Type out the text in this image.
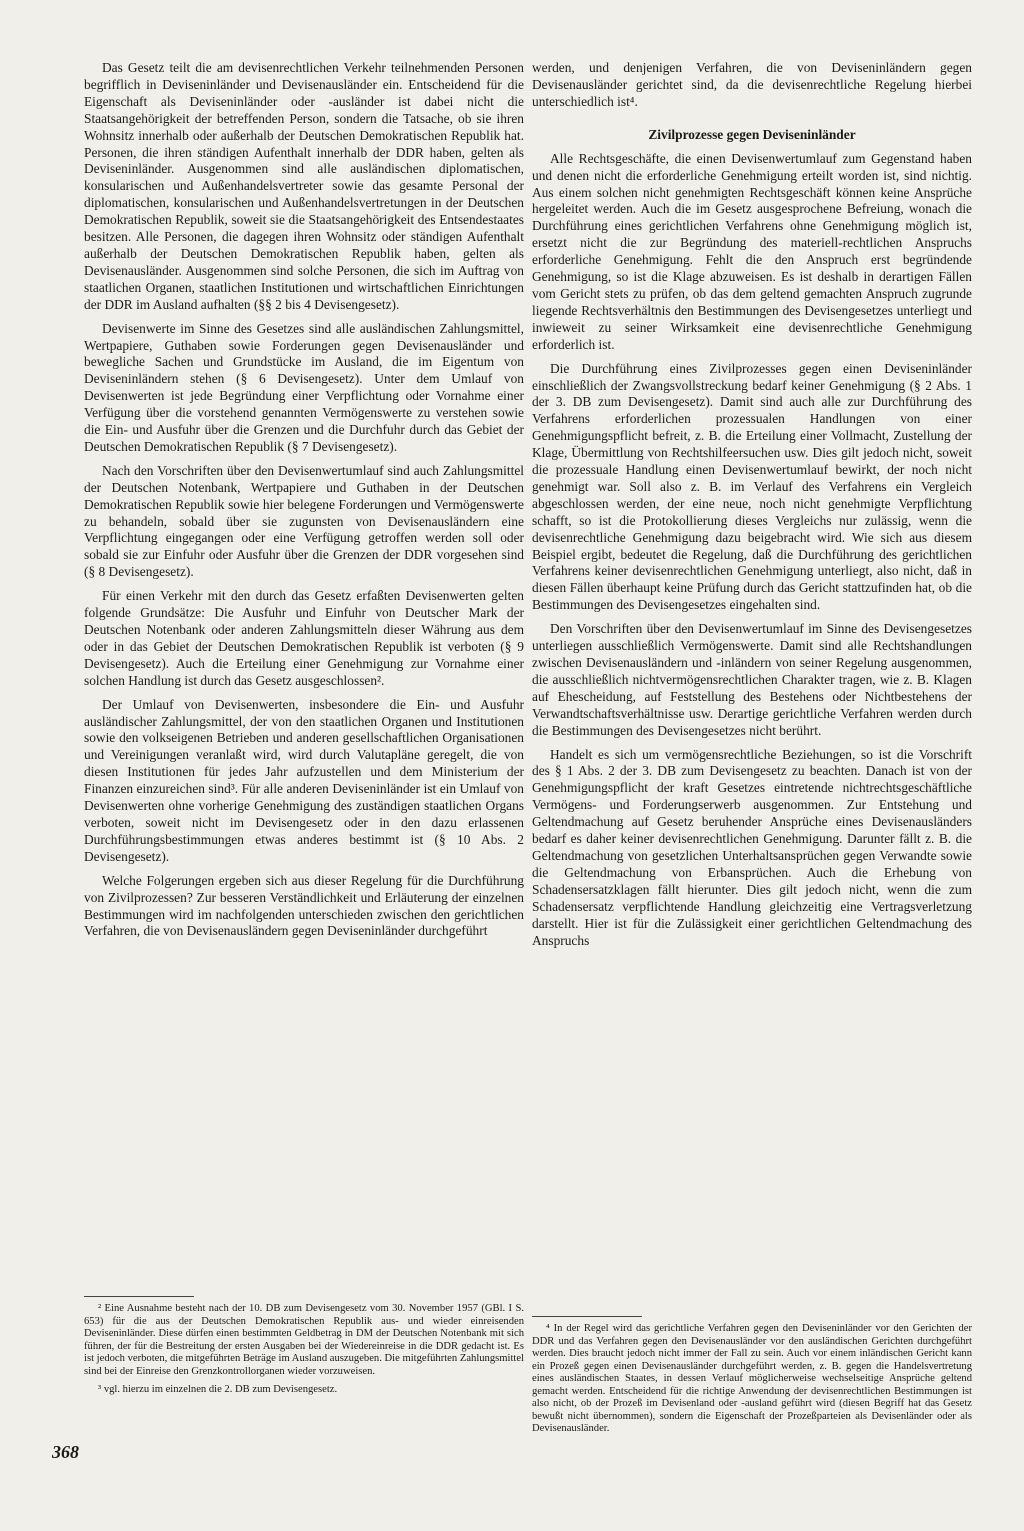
Das Gesetz teilt die am devisenrechtlichen Verkehr teilnehmenden Personen begrifflich in Deviseninländer und Devisenausländer ein. Entscheidend für die Eigenschaft als Deviseninländer oder -ausländer ist dabei nicht die Staatsangehörigkeit der betreffenden Person, sondern die Tatsache, ob sie ihren Wohnsitz innerhalb oder außerhalb der Deutschen Demokratischen Republik hat. Personen, die ihren ständigen Aufenthalt innerhalb der DDR haben, gelten als Deviseninländer. Ausgenommen sind alle ausländischen diplomatischen, konsularischen und Außenhandelsvertreter sowie das gesamte Personal der diplomatischen, konsularischen und Außenhandelsvertretungen in der Deutschen Demokratischen Republik, soweit sie die Staatsangehörigkeit des Entsendestaates besitzen. Alle Personen, die dagegen ihren Wohnsitz oder ständigen Aufenthalt außerhalb der Deutschen Demokratischen Republik haben, gelten als Devisenausländer. Ausgenommen sind solche Personen, die sich im Auftrag von staatlichen Organen, staatlichen Institutionen und wirtschaftlichen Einrichtungen der DDR im Ausland aufhalten (§§ 2 bis 4 Devisengesetz).

Devisenwerte im Sinne des Gesetzes sind alle ausländischen Zahlungsmittel, Wertpapiere, Guthaben sowie Forderungen gegen Devisenausländer und bewegliche Sachen und Grundstücke im Ausland, die im Eigentum von Deviseninländern stehen (§ 6 Devisengesetz). Unter dem Umlauf von Devisenwerten ist jede Begründung einer Verpflichtung oder Vornahme einer Verfügung über die vorstehend genannten Vermögenswerte zu verstehen sowie die Ein- und Ausfuhr über die Grenzen und die Durchfuhr durch das Gebiet der Deutschen Demokratischen Republik (§ 7 Devisengesetz).

Nach den Vorschriften über den Devisenwertumlauf sind auch Zahlungsmittel der Deutschen Notenbank, Wertpapiere und Guthaben in der Deutschen Demokratischen Republik sowie hier belegene Forderungen und Vermögenswerte zu behandeln, sobald über sie zugunsten von Devisenausländern eine Verpflichtung eingegangen oder eine Verfügung getroffen werden soll oder sobald sie zur Einfuhr oder Ausfuhr über die Grenzen der DDR vorgesehen sind (§ 8 Devisengesetz).

Für einen Verkehr mit den durch das Gesetz erfaßten Devisenwerten gelten folgende Grundsätze: Die Ausfuhr und Einfuhr von Deutscher Mark der Deutschen Notenbank oder anderen Zahlungsmitteln dieser Währung aus dem oder in das Gebiet der Deutschen Demokratischen Republik ist verboten (§ 9 Devisengesetz). Auch die Erteilung einer Genehmigung zur Vornahme einer solchen Handlung ist durch das Gesetz ausgeschlossen².

Der Umlauf von Devisenwerten, insbesondere die Ein- und Ausfuhr ausländischer Zahlungsmittel, der von den staatlichen Organen und Institutionen sowie den volkseigenen Betrieben und anderen gesellschaftlichen Organisationen und Vereinigungen veranlaßt wird, wird durch Valutapläne geregelt, die von diesen Institutionen für jedes Jahr aufzustellen und dem Ministerium der Finanzen einzureichen sind³. Für alle anderen Deviseninländer ist ein Umlauf von Devisenwerten ohne vorherige Genehmigung des zuständigen staatlichen Organs verboten, soweit nicht im Devisengesetz oder in den dazu erlassenen Durchführungsbestimmungen etwas anderes bestimmt ist (§ 10 Abs. 2 Devisengesetz).

Welche Folgerungen ergeben sich aus dieser Regelung für die Durchführung von Zivilprozessen? Zur besseren Verständlichkeit und Erläuterung der einzelnen Bestimmungen wird im nachfolgenden unterschieden zwischen den gerichtlichen Verfahren, die von Devisenausländern gegen Deviseninländer durchgeführt

² Eine Ausnahme besteht nach der 10. DB zum Devisengesetz vom 30. November 1957 (GBl. I S. 653) für die aus der Deutschen Demokratischen Republik aus- und wieder einreisenden Deviseninländer. Diese dürfen einen bestimmten Geldbetrag in DM der Deutschen Notenbank mit sich führen, der für die Bestreitung der ersten Ausgaben bei der Wiedereinreise in die DDR gedacht ist. Es ist jedoch verboten, die mitgeführten Beträge im Ausland auszugeben. Die mitgeführten Zahlungsmittel sind bei der Einreise den Grenzkontrollorganen wieder vorzuweisen.

³ vgl. hierzu im einzelnen die 2. DB zum Devisengesetz.

werden, und denjenigen Verfahren, die von Deviseninländern gegen Devisenausländer gerichtet sind, da die devisenrechtliche Regelung hierbei unterschiedlich ist⁴.

Zivilprozesse gegen Deviseninländer

Alle Rechtsgeschäfte, die einen Devisenwertumlauf zum Gegenstand haben und denen nicht die erforderliche Genehmigung erteilt worden ist, sind nichtig. Aus einem solchen nicht genehmigten Rechtsgeschäft können keine Ansprüche hergeleitet werden. Auch die im Gesetz ausgesprochene Befreiung, wonach die Durchführung eines gerichtlichen Verfahrens ohne Genehmigung möglich ist, ersetzt nicht die zur Begründung des materiell-rechtlichen Anspruchs erforderliche Genehmigung. Fehlt die den Anspruch erst begründende Genehmigung, so ist die Klage abzuweisen. Es ist deshalb in derartigen Fällen vom Gericht stets zu prüfen, ob das dem geltend gemachten Anspruch zugrunde liegende Rechtsverhältnis den Bestimmungen des Devisengesetzes unterliegt und inwieweit zu seiner Wirksamkeit eine devisenrechtliche Genehmigung erforderlich ist.

Die Durchführung eines Zivilprozesses gegen einen Deviseninländer einschließlich der Zwangsvollstreckung bedarf keiner Genehmigung (§ 2 Abs. 1 der 3. DB zum Devisengesetz). Damit sind auch alle zur Durchführung des Verfahrens erforderlichen prozessualen Handlungen von einer Genehmigungspflicht befreit, z. B. die Erteilung einer Vollmacht, Zustellung der Klage, Übermittlung von Rechtshilfeersuchen usw. Dies gilt jedoch nicht, soweit die prozessuale Handlung einen Devisenwertumlauf bewirkt, der noch nicht genehmigt war. Soll also z. B. im Verlauf des Verfahrens ein Vergleich abgeschlossen werden, der eine neue, noch nicht genehmigte Verpflichtung schafft, so ist die Protokollierung dieses Vergleichs nur zulässig, wenn die devisenrechtliche Genehmigung dazu beigebracht wird. Wie sich aus diesem Beispiel ergibt, bedeutet die Regelung, daß die Durchführung des gerichtlichen Verfahrens keiner devisenrechtlichen Genehmigung unterliegt, also nicht, daß in diesen Fällen überhaupt keine Prüfung durch das Gericht stattzufinden hat, ob die Bestimmungen des Devisengesetzes eingehalten sind.

Den Vorschriften über den Devisenwertumlauf im Sinne des Devisengesetzes unterliegen ausschließlich Vermögenswerte. Damit sind alle Rechtshandlungen zwischen Devisenausländern und -inländern von seiner Regelung ausgenommen, die ausschließlich nichtvermögensrechtlichen Charakter tragen, wie z. B. Klagen auf Ehescheidung, auf Feststellung des Bestehens oder Nichtbestehens der Verwandtschaftsverhältnisse usw. Derartige gerichtliche Verfahren werden durch die Bestimmungen des Devisengesetzes nicht berührt.

Handelt es sich um vermögensrechtliche Beziehungen, so ist die Vorschrift des § 1 Abs. 2 der 3. DB zum Devisengesetz zu beachten. Danach ist von der Genehmigungspflicht der kraft Gesetzes eintretende nichtrechtsgeschäftliche Vermögens- und Forderungserwerb ausgenommen. Zur Entstehung und Geltendmachung auf Gesetz beruhender Ansprüche eines Devisenausländers bedarf es daher keiner devisenrechtlichen Genehmigung. Darunter fällt z. B. die Geltendmachung von gesetzlichen Unterhaltsansprüchen gegen Verwandte sowie die Geltendmachung von Erbansprüchen. Auch die Erhebung von Schadensersatzklagen fällt hierunter. Dies gilt jedoch nicht, wenn die zum Schadensersatz verpflichtende Handlung gleichzeitig eine Vertragsverletzung darstellt. Hier ist für die Zulässigkeit einer gerichtlichen Geltendmachung des Anspruchs

⁴ In der Regel wird das gerichtliche Verfahren gegen den Deviseninländer vor den Gerichten der DDR und das Verfahren gegen den Devisenausländer vor den ausländischen Gerichten durchgeführt werden. Dies braucht jedoch nicht immer der Fall zu sein. Auch vor einem inländischen Gericht kann ein Prozeß gegen einen Devisenausländer durchgeführt werden, z. B. gegen die Handelsvertretung eines ausländischen Staates, in dessen Verlauf möglicherweise wechselseitige Ansprüche geltend gemacht werden. Entscheidend für die richtige Anwendung der devisenrechtlichen Bestimmungen ist also nicht, ob der Prozeß im Devisenland oder -ausland geführt wird (diesen Begriff hat das Gesetz bewußt nicht übernommen), sondern die Eigenschaft der Prozeßparteien als Devisenländer oder als Devisenausländer.

368
